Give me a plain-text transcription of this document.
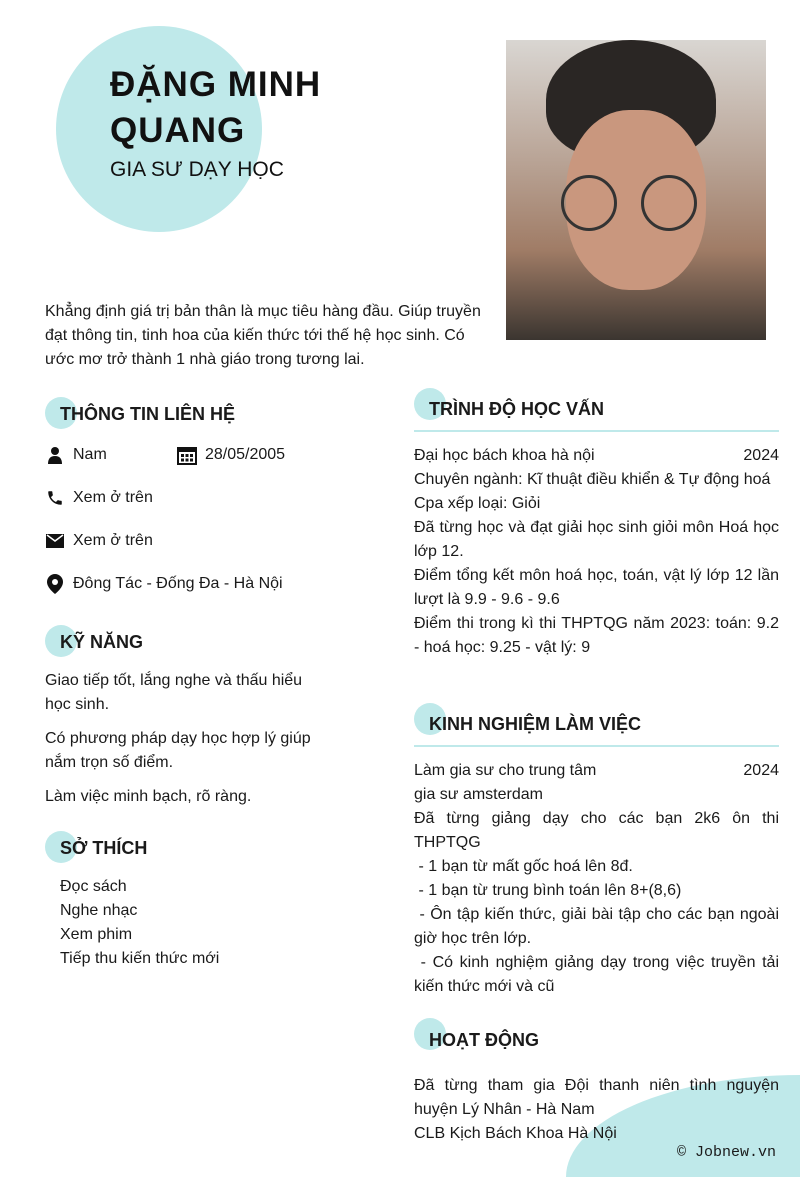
ĐẶNG MINH
QUANG
GIA SƯ DẠY HỌC
Khẳng định giá trị bản thân là mục tiêu hàng đầu. Giúp truyền đạt thông tin, tinh hoa của kiến thức tới thế hệ học sinh. Có ước mơ trở thành 1 nhà giáo trong tương lai.
THÔNG TIN LIÊN HỆ
Nam	28/05/2005
Xem ở trên
Xem ở trên
Đông Tác - Đống Đa - Hà Nội
KỸ NĂNG
Giao tiếp tốt, lắng nghe và thấu hiểu học sinh.
Có phương pháp dạy học hợp lý giúp nắm trọn số điểm.
Làm việc minh bạch, rõ ràng.
SỞ THÍCH
Đọc sách
Nghe nhạc
Xem phim
Tiếp thu kiến thức mới
TRÌNH ĐỘ HỌC VẤN
Đại học bách khoa hà nội	2024
Chuyên ngành: Kĩ thuật điều khiển & Tự động hoá
Cpa xếp loại: Giỏi
Đã từng học và đạt giải học sinh giỏi môn Hoá học lớp 12.
Điểm tổng kết môn hoá học, toán, vật lý lớp 12 lần lượt là 9.9 - 9.6 - 9.6
Điểm thi trong kì thi THPTQG năm 2023: toán: 9.2 - hoá học: 9.25 - vật lý: 9
KINH NGHIỆM LÀM VIỆC
Làm gia sư cho trung tâm	2024
gia sư amsterdam
Đã từng giảng dạy cho các bạn 2k6 ôn thi THPTQG
- 1 bạn từ mất gốc hoá lên 8đ.
- 1 bạn từ trung bình toán lên 8+(8,6)
- Ôn tập kiến thức, giải bài tập cho các bạn ngoài giờ học trên lớp.
- Có kinh nghiệm giảng dạy trong việc truyền tải kiến thức mới và cũ
HOẠT ĐỘNG
Đã từng tham gia Đội thanh niên tình nguyện huyện Lý Nhân - Hà Nam
CLB Kịch Bách Khoa Hà Nội
© Jobnew.vn
